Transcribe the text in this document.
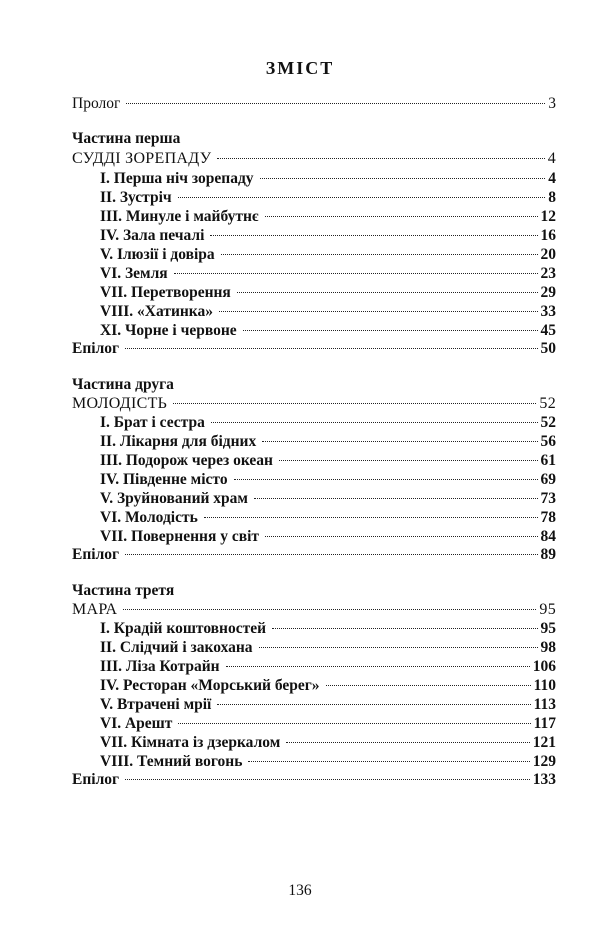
ЗМІСТ
Пролог	3
Частина перша
СУДДІ ЗОРЕПАДУ	4
I. Перша ніч зорепаду	4
II. Зустріч	8
III. Минуле і майбутнє	12
IV. Зала печалі	16
V. Ілюзії і довіра	20
VI. Земля	23
VII. Перетворення	29
VIII. «Хатинка»	33
XI. Чорне і червоне	45
Епілог	50
Частина друга
МОЛОДІСТЬ	52
I. Брат і сестра	52
II. Лікарня для бідних	56
III. Подорож через океан	61
IV. Південне місто	69
V. Зруйнований храм	73
VI. Молодість	78
VII. Повернення у світ	84
Епілог	89
Частина третя
МАРА	95
I. Крадій коштовностей	95
II. Слідчий і закохана	98
III. Ліза Котрайн	106
IV. Ресторан «Морський берег»	110
V. Втрачені мрії	113
VI. Арешт	117
VII. Кімната із дзеркалом	121
VIII. Темний вогонь	129
Епілог	133
136
